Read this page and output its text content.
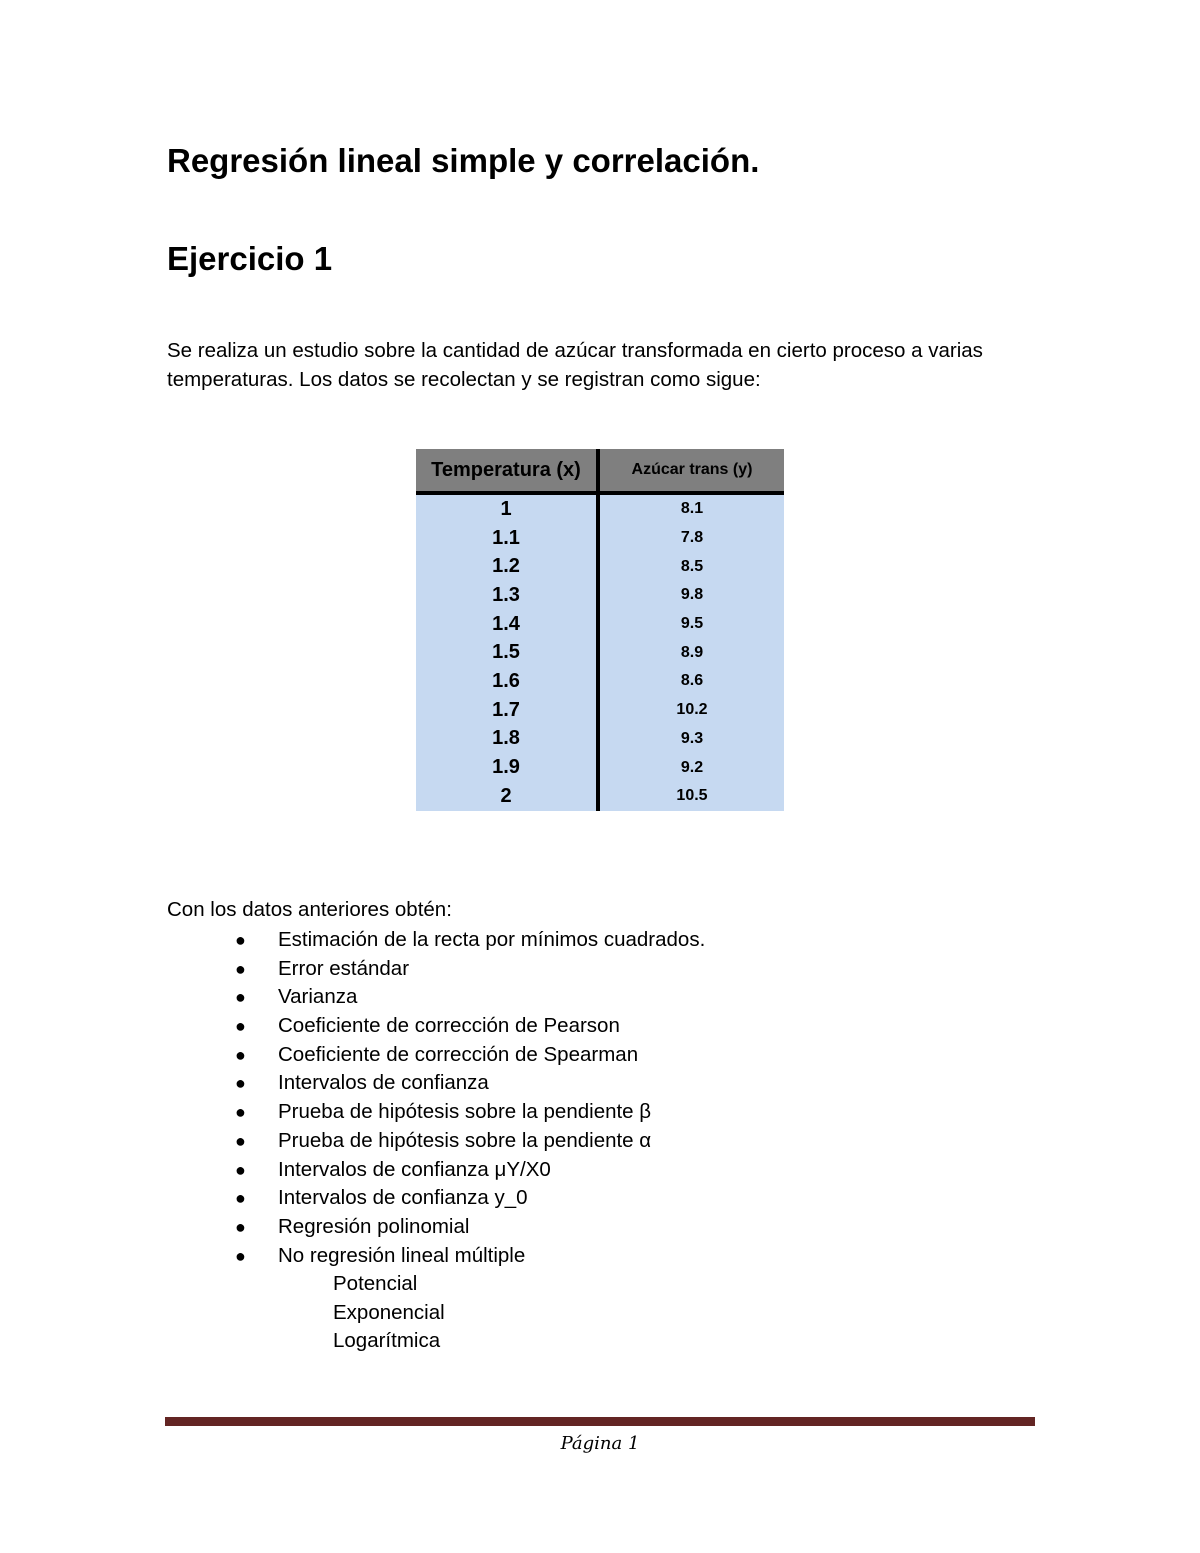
Regresión lineal simple y correlación.
Ejercicio 1

Se realiza un estudio sobre la cantidad de azúcar transformada en cierto proceso a varias temperaturas. Los datos se recolectan y se registran como sigue:

Temperatura (x)	Azúcar trans (y)
1	8.1
1.1	7.8
1.2	8.5
1.3	9.8
1.4	9.5
1.5	8.9
1.6	8.6
1.7	10.2
1.8	9.3
1.9	9.2
2	10.5

Con los datos anteriores obtén:

● Estimación de la recta por mínimos cuadrados.
● Error estándar
● Varianza
● Coeficiente de corrección de Pearson
● Coeficiente de corrección de Spearman
● Intervalos de confianza
● Prueba de hipótesis sobre la pendiente β
● Prueba de hipótesis sobre la pendiente α
● Intervalos de confianza μY/X0
● Intervalos de confianza y_0
● Regresión polinomial
● No regresión lineal múltiple
Potencial
Exponencial
Logarítmica
Página 1
